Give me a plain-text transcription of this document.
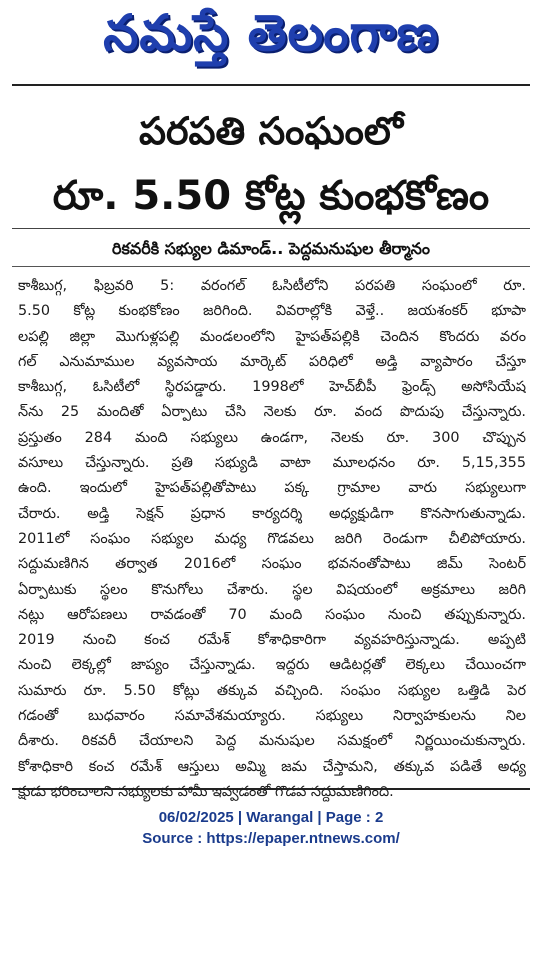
నమస్తే తెలంగాణ
పరపతి సంఘంలో
రూ. 5.50 కోట్ల కుంభకోణం
రికవరీకి సభ్యుల డిమాండ్.. పెద్దమనుషుల తీర్మానం
కాశీబుగ్గ, ఫిబ్రవరి 5: వరంగల్ ఓసిటీలోని పరపతి సంఘంలో రూ.
5.50 కోట్ల కుంభకోణం జరిగింది. వివరాల్లోకి వెళ్తే.. జయశంకర్ భూపా
లపల్లి జిల్లా మొగుళ్లపల్లి మండలంలోని హైపత్‌పల్లికి చెందిన కొందరు వరం
గల్ ఎనుమాముల వ్యవసాయ మార్కెట్ పరిధిలో అడ్తి వ్యాపారం చేస్తూ
కాశీబుగ్గ, ఓసిటీలో స్థిరపడ్డారు. 1998లో హెచ్‌బీపీ ఫ్రెండ్స్ అసోసియేష
న్‌ను 25 మందితో ఏర్పాటు చేసి నెలకు రూ. వంద పొదుపు చేస్తున్నారు.
ప్రస్తుతం 284 మంది సభ్యులు ఉండగా, నెలకు రూ. 300 చొప్పున
వసూలు చేస్తున్నారు. ప్రతి సభ్యుడి వాటా మూలధనం రూ. 5,15,355
ఉంది. ఇందులో హైపత్‌పల్లితోపాటు పక్క గ్రామాల వారు సభ్యులుగా
చేరారు. అడ్తి సెక్షన్ ప్రధాన కార్యదర్శి అధ్యక్షుడిగా కొనసాగుతున్నాడు.
2011లో సంఘం సభ్యుల మధ్య గొడవలు జరిగి రెండుగా చీలిపోయారు.
సద్దుమణిగిన తర్వాత 2016లో సంఘం భవనంతోపాటు జిమ్ సెంటర్
ఏర్పాటుకు స్థలం కొనుగోలు చేశారు. స్థల విషయంలో అక్రమాలు జరిగి
నట్లు ఆరోపణలు రావడంతో 70 మంది సంఘం నుంచి తప్పుకున్నారు.
2019 నుంచి కంచ రమేశ్ కోశాధికారిగా వ్యవహరిస్తున్నాడు. అప్పటి
నుంచి లెక్కల్లో జాప్యం చేస్తున్నాడు. ఇద్దరు ఆడిటర్లతో లెక్కలు చేయించగా
సుమారు రూ. 5.50 కోట్లు తక్కువ వచ్చింది. సంఘం సభ్యుల ఒత్తిడి పెర
గడంతో బుధవారం సమావేశమయ్యారు. సభ్యులు నిర్వాహకులను నిల
దీశారు. రికవరీ చేయాలని పెద్ద మనుషుల సమక్షంలో నిర్ణయించుకున్నారు.
కోశాధికారి కంచ రమేశ్ ఆస్తులు అమ్మి జమ చేస్తామని, తక్కువ పడితే అధ్య
క్షుడు భరించాలని సభ్యులకు హామీ ఇవ్వడంతో గొడవ సద్దుమణిగింది.
06/02/2025 | Warangal | Page : 2
Source : https://epaper.ntnews.com/
